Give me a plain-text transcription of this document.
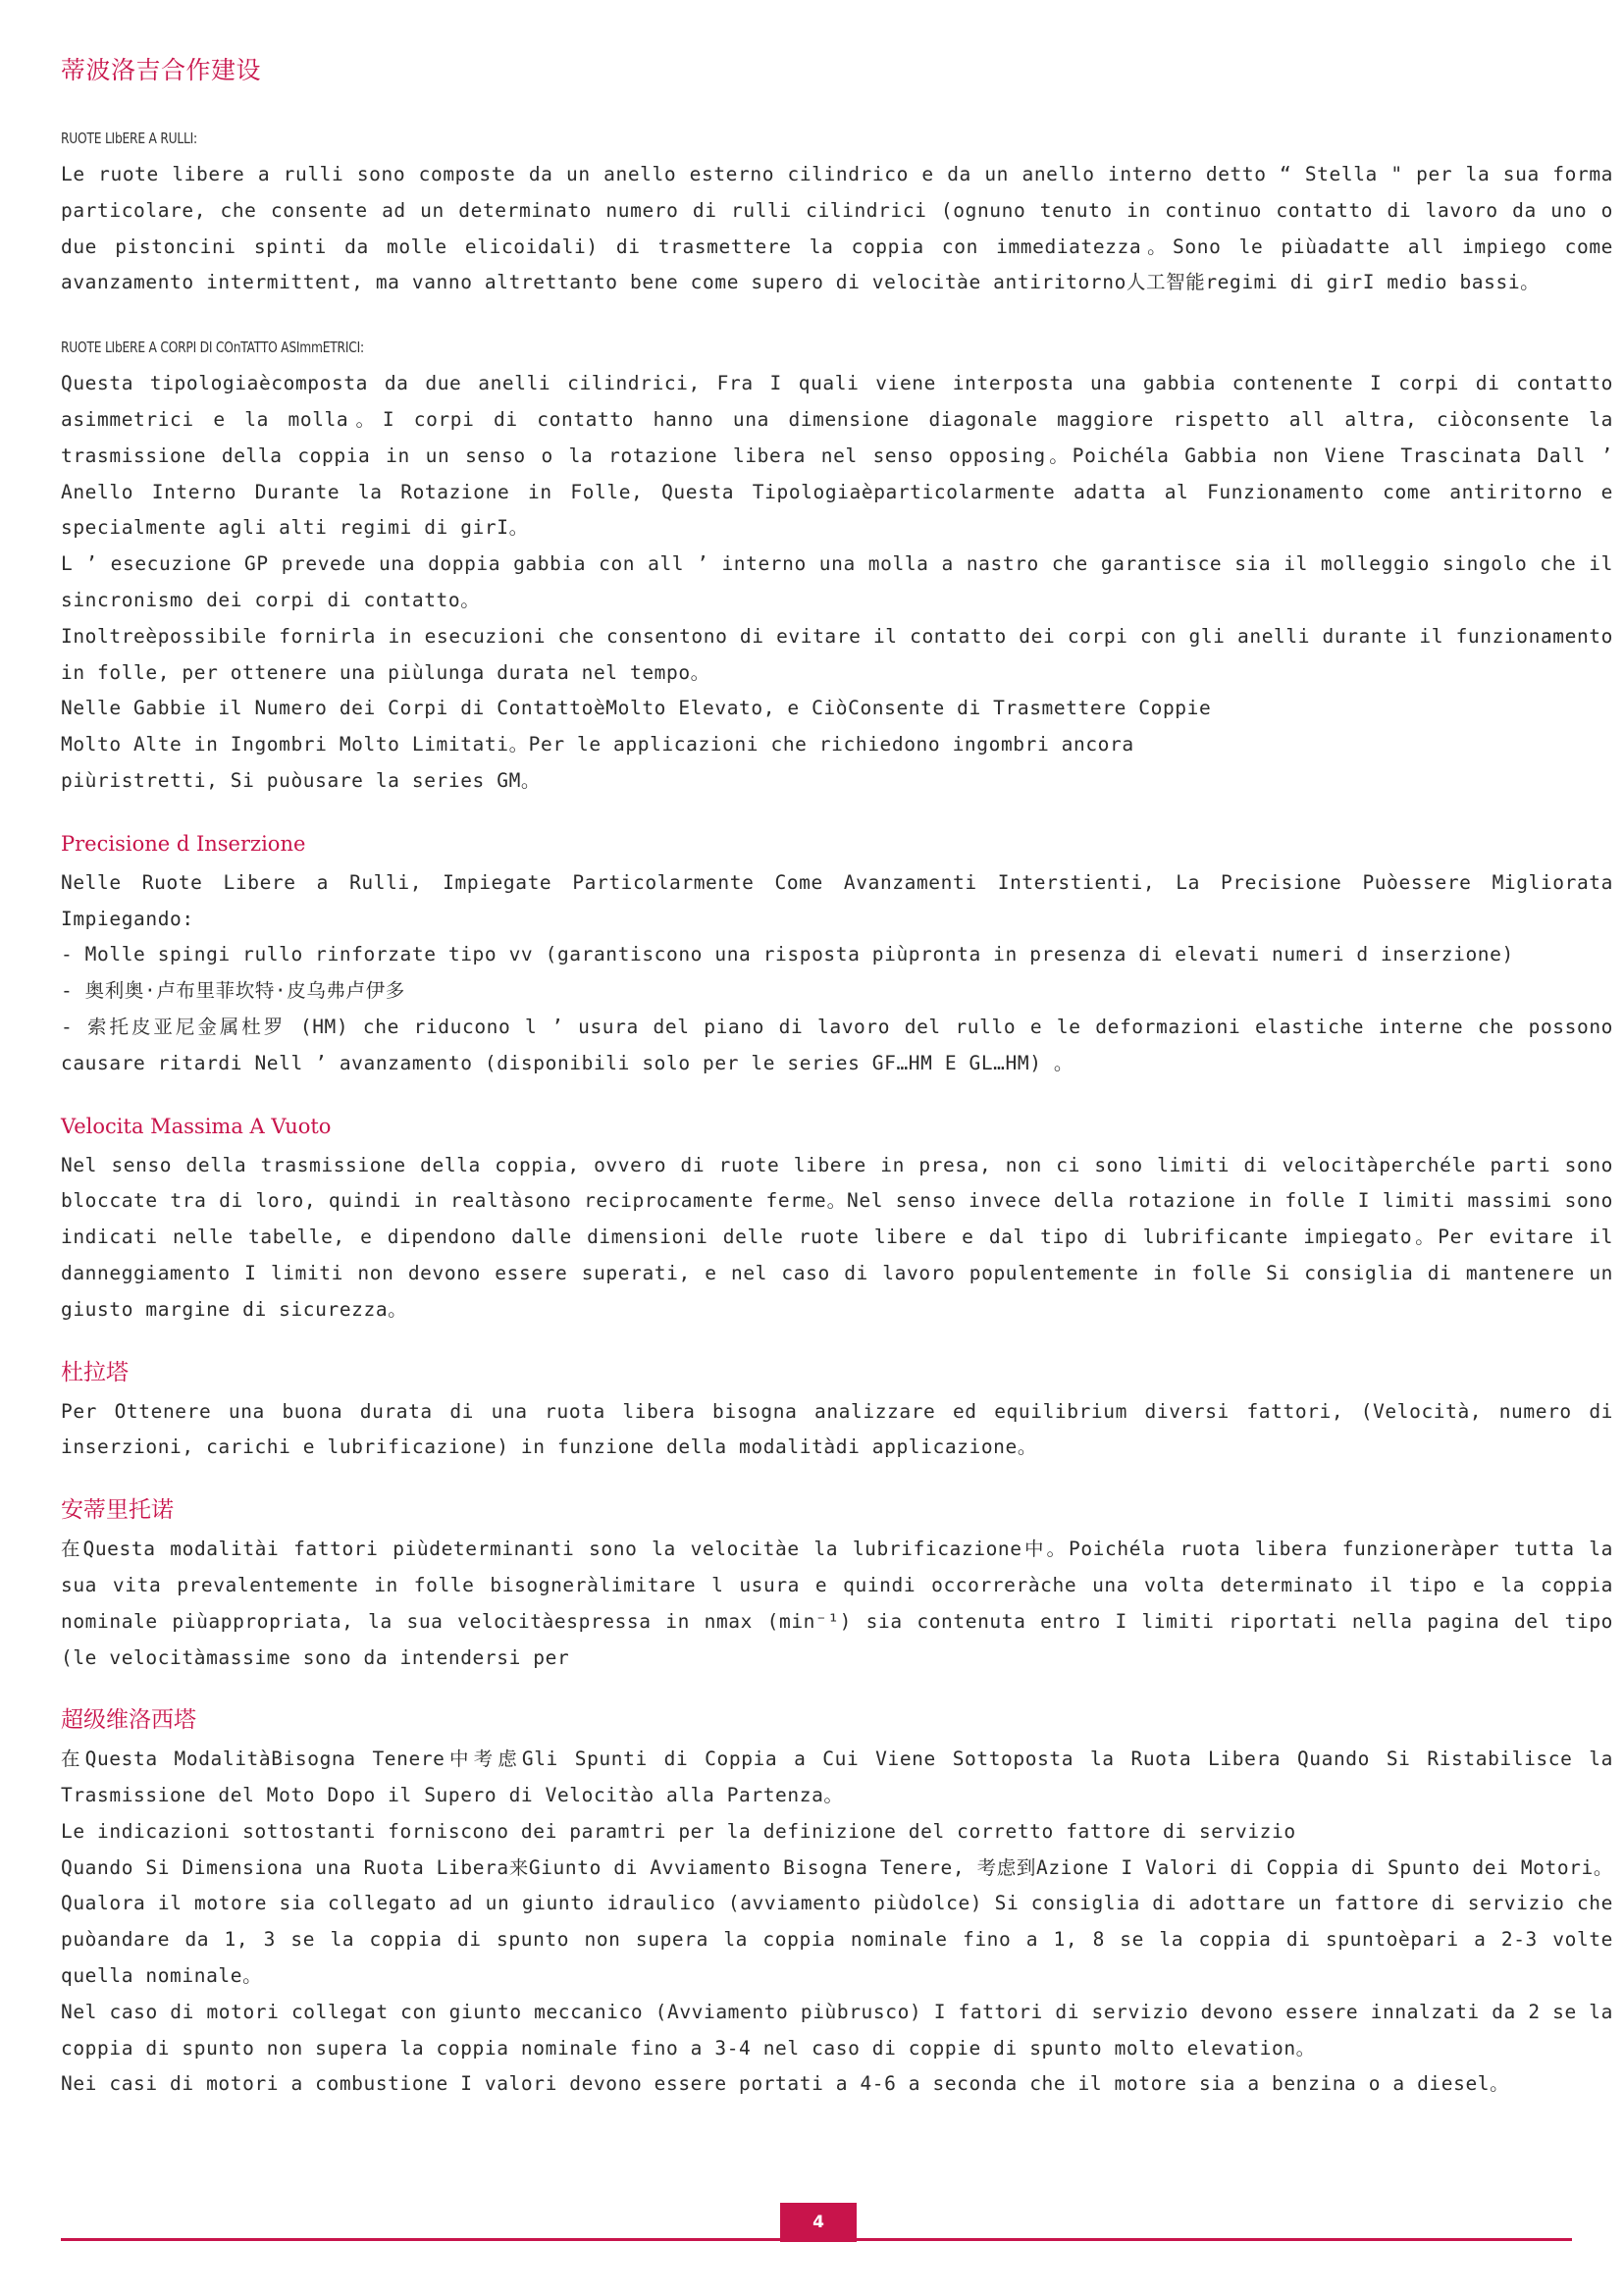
蒂波洛吉合作建设
RUOTE LIbERE A RULLI:

Le ruote libere a rulli sono composte da un anello esterno cilindrico e da un anello interno detto “ Stella " per la sua forma particolare, che consente ad un determinato numero di rulli cilindrici (ognuno tenuto in continuo contatto di lavoro da uno o due pistoncini spinti da molle elicoidali) di trasmettere la coppia con immediatezza。Sono le piùadatte all impiego come avanzamento intermittent, ma vanno altrettanto bene come supero di velocitàe antiritorno人工智能regimi di girI medio bassi。

RUOTE LIbERE A CORPI DI COnTATTO ASImmETRICI:

Questa tipologiaècomposta da due anelli cilindrici, Fra I quali viene interposta una gabbia contenente I corpi di contatto asimmetrici e la molla。I corpi di contatto hanno una dimensione diagonale maggiore rispetto all altra, ciòconsente la trasmissione della coppia in un senso o la rotazione libera nel senso opposing。Poichéla Gabbia non Viene Trascinata Dall ’ Anello Interno Durante la Rotazione in Folle, Questa Tipologiaèparticolarmente adatta al Funzionamento come antiritorno e specialmente agli alti regimi di girI。

L ’ esecuzione GP prevede una doppia gabbia con all ’ interno una molla a nastro che garantisce sia il molleggio singolo che il sincronismo dei corpi di contatto。

Inoltreèpossibile fornirla in esecuzioni che consentono di evitare il contatto dei corpi con gli anelli durante il funzionamento in folle, per ottenere una piùlunga durata nel tempo。

Nelle Gabbie il Numero dei Corpi di ContattoèMolto Elevato, e CiòConsente di Trasmettere Coppie

Molto Alte in Ingombri Molto Limitati。Per le applicazioni che richiedono ingombri ancora

piùristretti, Si puòusare la series GM。

Precisione d Inserzione

Nelle Ruote Libere a Rulli, Impiegate Particolarmente Come Avanzamenti Interstienti, La Precisione Puòessere Migliorata Impiegando:

- Molle spingi rullo rinforzate tipo vv (garantiscono una risposta piùpronta in presenza di elevati numeri d inserzione)

- 奥利奥·卢布里菲坎特·皮乌弗卢伊多

- 索托皮亚尼金属杜罗 (HM) che riducono l ’ usura del piano di lavoro del rullo e le deformazioni elastiche interne che possono causare ritardi Nell ’ avanzamento (disponibili solo per le series GF…HM E GL…HM) 。

Velocita Massima A Vuoto

Nel senso della trasmissione della coppia, ovvero di ruote libere in presa, non ci sono limiti di velocitàperchéle parti sono bloccate tra di loro, quindi in realtàsono reciprocamente ferme。Nel senso invece della rotazione in folle I limiti massimi sono indicati nelle tabelle, e dipendono dalle dimensioni delle ruote libere e dal tipo di lubrificante impiegato。Per evitare il danneggiamento I limiti non devono essere superati, e nel caso di lavoro populentemente in folle Si consiglia di mantenere un giusto margine di sicurezza。

杜拉塔

Per Ottenere una buona durata di una ruota libera bisogna analizzare ed equilibrium diversi fattori, (Velocità, numero di inserzioni, carichi e lubrificazione) in funzione della modalitàdi applicazione。

安蒂里托诺

在Questa modalitài fattori piùdeterminanti sono la velocitàe la lubrificazione中。Poichéla ruota libera funzioneràper tutta la sua vita prevalentemente in folle bisogneràlimitare l usura e quindi occorreràche una volta determinato il tipo e la coppia nominale piùappropriata, la sua velocitàespressa in nmax (min⁻¹) sia contenuta entro I limiti riportati nella pagina del tipo (le velocitàmassime sono da intendersi per

超级维洛西塔

在Questa ModalitàBisogna Tenere中考虑Gli Spunti di Coppia a Cui Viene Sottoposta la Ruota Libera Quando Si Ristabilisce la Trasmissione del Moto Dopo il Supero di Velocitào alla Partenza。

Le indicazioni sottostanti forniscono dei paramtri per la definizione del corretto fattore di servizio

Quando Si Dimensiona una Ruota Libera来Giunto di Avviamento Bisogna Tenere, 考虑到Azione I Valori di Coppia di Spunto dei Motori。Qualora il motore sia collegato ad un giunto idraulico (avviamento piùdolce) Si consiglia di adottare un fattore di servizio che puòandare da 1, 3 se la coppia di spunto non supera la coppia nominale fino a 1, 8 se la coppia di spuntoèpari a 2-3 volte quella nominale。

Nel caso di motori collegat con giunto meccanico (Avviamento piùbrusco) I fattori di servizio devono essere innalzati da 2 se la coppia di spunto non supera la coppia nominale fino a 3-4 nel caso di coppie di spunto molto elevation。

Nei casi di motori a combustione I valori devono essere portati a 4-6 a seconda che il motore sia a benzina o a diesel。

4
